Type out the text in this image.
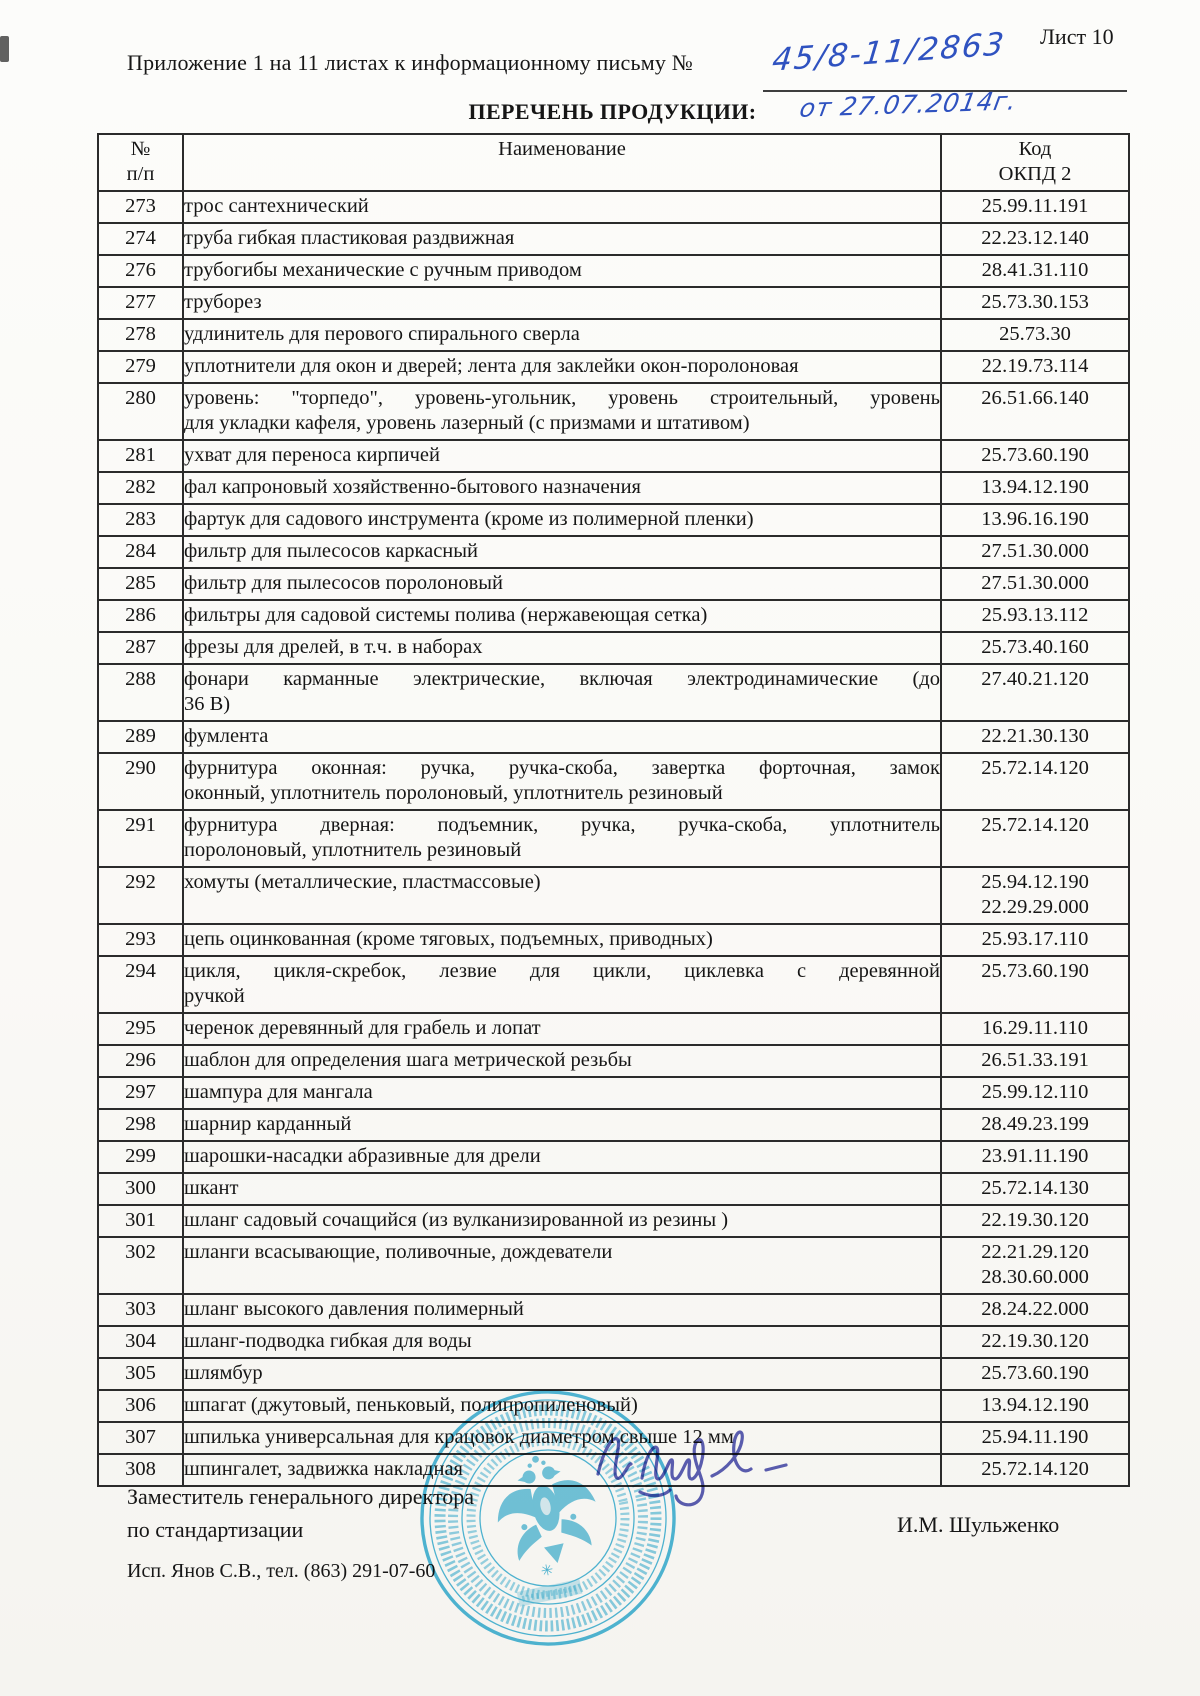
Лист 10
Приложение 1 на 11 листах к информационному письму №	45/8-11/2863
от 27.07.2014г.
ПЕРЕЧЕНЬ ПРОДУКЦИИ:
№
п/п
	Наименование	Код
ОКПД 2

273	трос сантехнический	25.99.11.191

274	труба гибкая пластиковая раздвижная	22.23.12.140

276	трубогибы механические с ручным приводом	28.41.31.110

277	труборез	25.73.30.153

278	удлинитель для перового спирального сверла	25.73.30

279	уплотнители для окон и дверей; лента для заклейки окон-поролоновая	22.19.73.114

280	уровень: "торпедо", уровень-угольник, уровень строительный, уровень
для укладки кафеля, уровень лазерный (с призмами и штативом)	26.51.66.140

281	ухват для переноса кирпичей	25.73.60.190

282	фал капроновый хозяйственно-бытового назначения	13.94.12.190

283	фартук для садового инструмента (кроме из полимерной пленки)	13.96.16.190

284	фильтр для пылесосов каркасный	27.51.30.000

285	фильтр для пылесосов поролоновый	27.51.30.000

286	фильтры для садовой системы полива (нержавеющая сетка)	25.93.13.112

287	фрезы для дрелей, в т.ч. в наборах	25.73.40.160

288	фонари карманные электрические, включая электродинамические (до
36 В)	27.40.21.120

289	фумлента	22.21.30.130

290	фурнитура оконная: ручка, ручка-скоба, завертка форточная, замок
оконный, уплотнитель поролоновый, уплотнитель резиновый	25.72.14.120

291	фурнитура дверная: подъемник, ручка, ручка-скоба, уплотнитель
поролоновый, уплотнитель резиновый	25.72.14.120

292	хомуты (металлические, пластмассовые)	25.94.12.190
22.29.29.000

293	цепь оцинкованная (кроме тяговых, подъемных, приводных)	25.93.17.110

294	цикля, цикля-скребок, лезвие для цикли, циклевка с деревянной
ручкой	25.73.60.190

295	черенок деревянный для грабель и лопат	16.29.11.110

296	шаблон для определения шага метрической резьбы	26.51.33.191

297	шампура для мангала	25.99.12.110

298	шарнир карданный	28.49.23.199

299	шарошки-насадки абразивные для дрели	23.91.11.190

300	шкант	25.72.14.130

301	шланг садовый сочащийся (из вулканизированной из резины )	22.19.30.120

302	шланги всасывающие, поливочные, дождеватели	22.21.29.120
28.30.60.000

303	шланг высокого давления полимерный	28.24.22.000

304	шланг-подводка гибкая для воды	22.19.30.120

305	шлямбур	25.73.60.190

306	шпагат (джутовый, пеньковый, полипропиленовый)	13.94.12.190

307	шпилька универсальная для крацовок диаметром свыше 12 мм	25.94.11.190

308	шпингалет, задвижка накладная	25.72.14.120
Заместитель генерального директора
по стандартизации	И.М. Шульженко
Исп. Янов С.В., тел. (863) 291-07-60	✳
